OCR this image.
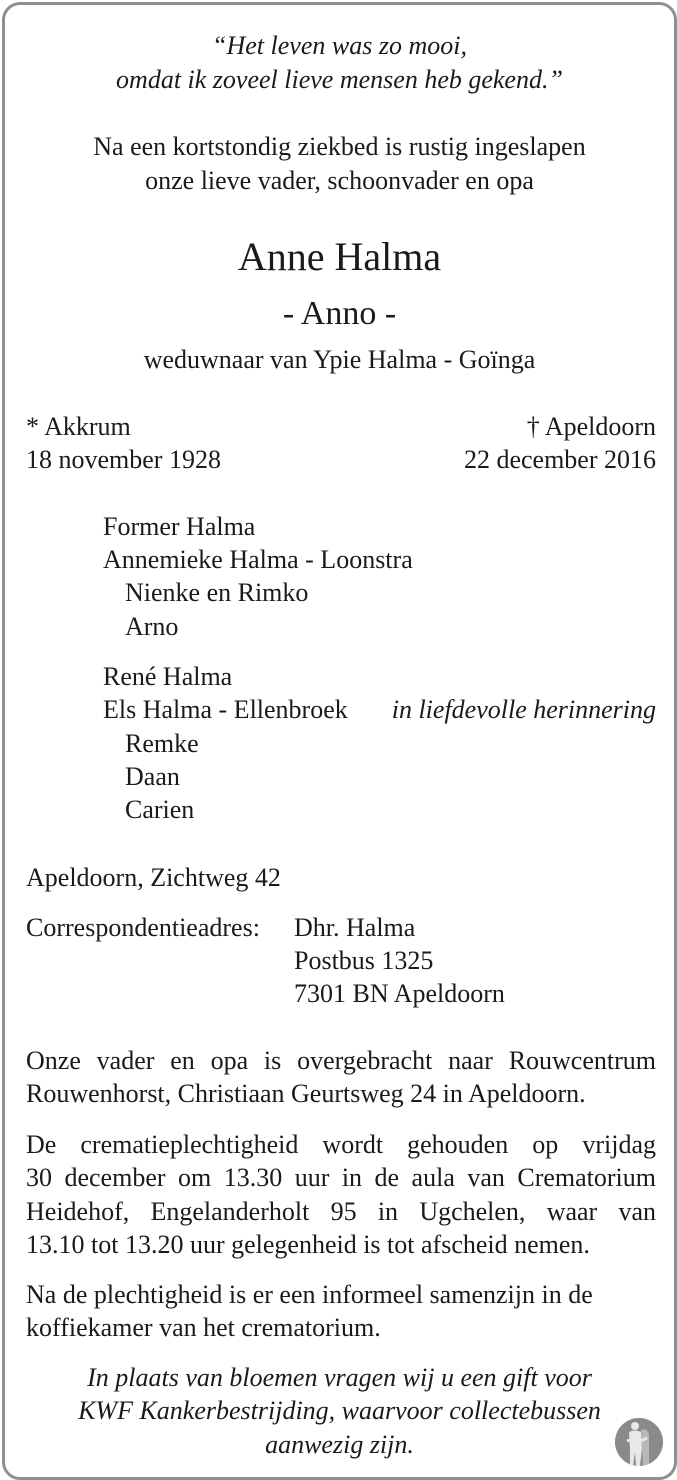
“Het leven was zo mooi,
omdat ik zoveel lieve mensen heb gekend.”
Na een kortstondig ziekbed is rustig ingeslapen
onze lieve vader, schoonvader en opa
Anne Halma
- Anno -
weduwnaar van Ypie Halma - Goïnga
* Akkrum
18 november 1928
† Apeldoorn
22 december 2016
Former Halma
Annemieke Halma - Loonstra
Nienke en Rimko
Arno
René Halma
Els Halma - Ellenbroek in liefdevolle herinnering
Remke
Daan
Carien
Apeldoorn, Zichtweg 42
Correspondentieadres: Dhr. Halma
Postbus 1325
7301 BN Apeldoorn
Onze vader en opa is overgebracht naar Rouwcentrum
Rouwenhorst, Christiaan Geurtsweg 24 in Apeldoorn.
De crematieplechtigheid wordt gehouden op vrijdag
30 december om 13.30 uur in de aula van Crematorium
Heidehof, Engelanderholt 95 in Ugchelen, waar van
13.10 tot 13.20 uur gelegenheid is tot afscheid nemen.
Na de plechtigheid is er een informeel samenzijn in de
koffiekamer van het crematorium.
In plaats van bloemen vragen wij u een gift voor
KWF Kankerbestrijding, waarvoor collectebussen
aanwezig zijn.
